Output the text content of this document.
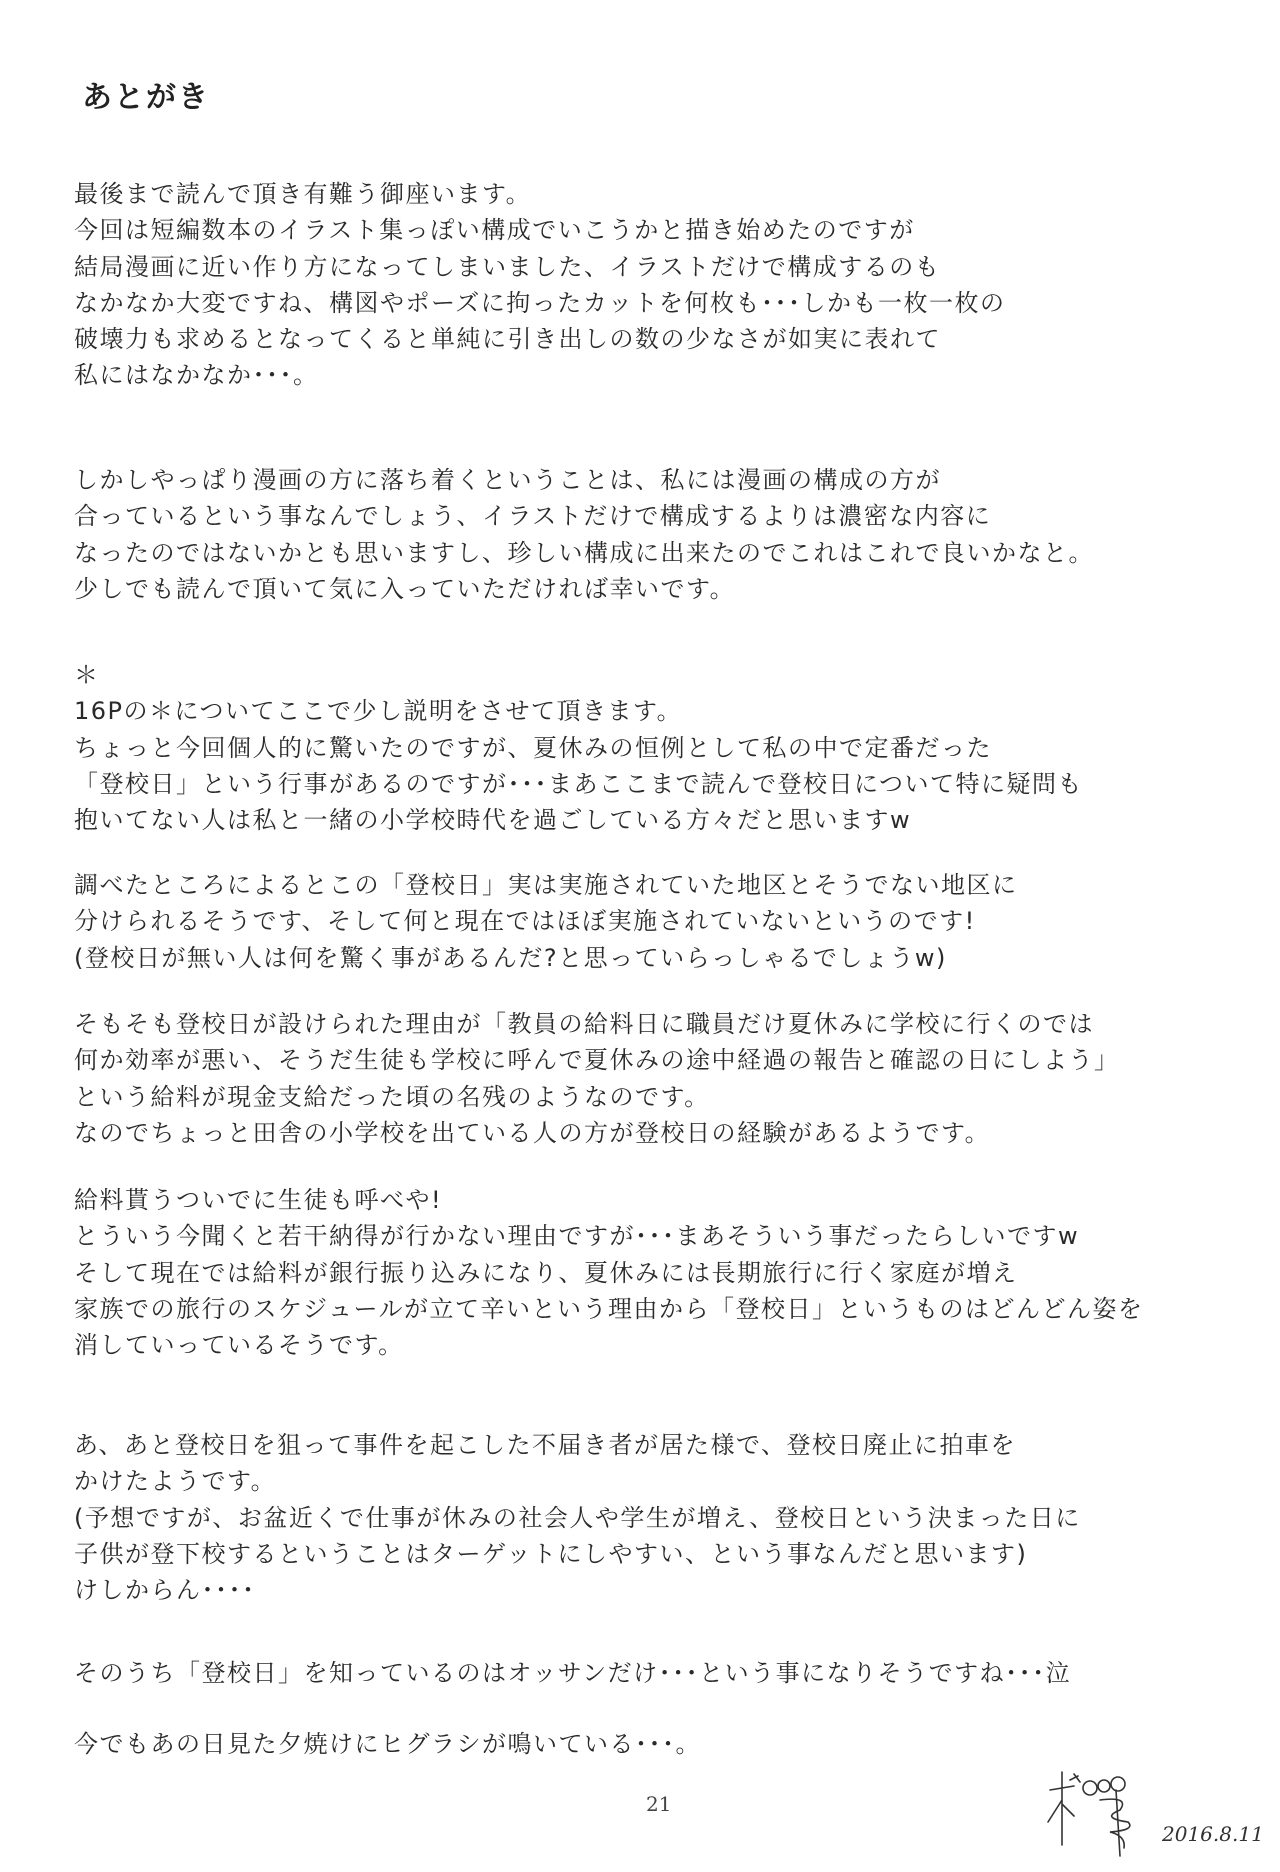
あとがき
最後まで読んで頂き有難う御座います。
今回は短編数本のイラスト集っぽい構成でいこうかと描き始めたのですが
結局漫画に近い作り方になってしまいました、イラストだけで構成するのも
なかなか大変ですね、構図やポーズに拘ったカットを何枚も･･･しかも一枚一枚の
破壊力も求めるとなってくると単純に引き出しの数の少なさが如実に表れて
私にはなかなか･･･。
しかしやっぱり漫画の方に落ち着くということは、私には漫画の構成の方が
合っているという事なんでしょう、イラストだけで構成するよりは濃密な内容に
なったのではないかとも思いますし、珍しい構成に出来たのでこれはこれで良いかなと。
少しでも読んで頂いて気に入っていただければ幸いです。
＊
16Pの＊についてここで少し説明をさせて頂きます。
ちょっと今回個人的に驚いたのですが、夏休みの恒例として私の中で定番だった
「登校日」という行事があるのですが･･･まあここまで読んで登校日について特に疑問も
抱いてない人は私と一緒の小学校時代を過ごしている方々だと思いますw
調べたところによるとこの「登校日」実は実施されていた地区とそうでない地区に
分けられるそうです、そして何と現在ではほぼ実施されていないというのです!
(登校日が無い人は何を驚く事があるんだ?と思っていらっしゃるでしょうw)
そもそも登校日が設けられた理由が「教員の給料日に職員だけ夏休みに学校に行くのでは
何か効率が悪い、そうだ生徒も学校に呼んで夏休みの途中経過の報告と確認の日にしよう」
という給料が現金支給だった頃の名残のようなのです。
なのでちょっと田舎の小学校を出ている人の方が登校日の経験があるようです。
給料貰うついでに生徒も呼べや!
とういう今聞くと若干納得が行かない理由ですが･･･まあそういう事だったらしいですw
そして現在では給料が銀行振り込みになり、夏休みには長期旅行に行く家庭が増え
家族での旅行のスケジュールが立て辛いという理由から「登校日」というものはどんどん姿を
消していっているそうです。
あ、あと登校日を狙って事件を起こした不届き者が居た様で、登校日廃止に拍車を
かけたようです。
(予想ですが、お盆近くで仕事が休みの社会人や学生が増え、登校日という決まった日に
子供が登下校するということはターゲットにしやすい、という事なんだと思います)
けしからん････
そのうち「登校日」を知っているのはオッサンだけ･･･という事になりそうですね･･･泣
今でもあの日見た夕焼けにヒグラシが鳴いている･･･。
21
2016.8.11
